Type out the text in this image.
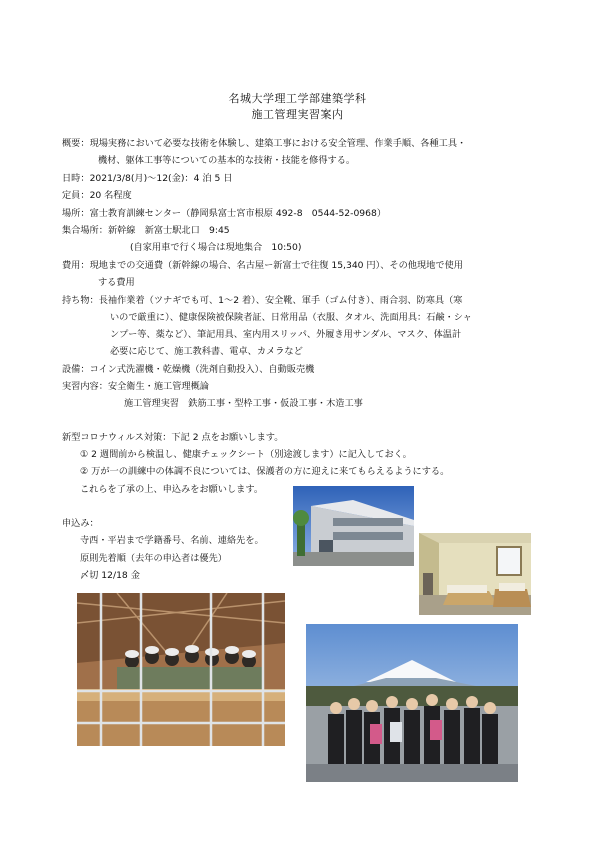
名城大学理工学部建築学科
施工管理実習案内
概要：現場実務において必要な技術を体験し、建築工事における安全管理、作業手順、各種工具・
機材、躯体工事等についての基本的な技術・技能を修得する。
日時：2021/3/8(月)～12(金)：4 泊 5 日
定員：20 名程度
場所：富士教育訓練センター（静岡県富士宮市根原 492-8　0544-52-0968）
集合場所：新幹線　新富士駅北口　9:45
(自家用車で行く場合は現地集合　10:50)
費用：現地までの交通費（新幹線の場合、名古屋ー新富士で往復 15,340 円）、その他現地で使用
する費用
持ち物：長袖作業着（ツナギでも可、1～2 着）、安全靴、軍手（ゴム付き）、雨合羽、防寒具（寒
いので厳重に）、健康保険被保険者証、日常用品（衣服、タオル、洗面用具：石鹸・シャ
ンプー等、薬など）、筆記用具、室内用スリッパ、外履き用サンダル、マスク、体温計
必要に応じて、施工教科書、電卓、カメラなど
設備：コイン式洗濯機・乾燥機（洗剤自動投入）、自動販売機
実習内容：安全衛生・施工管理概論
施工管理実習　鉄筋工事・型枠工事・仮設工事・木造工事
新型コロナウィルス対策：下記 2 点をお願いします。
① 2 週間前から検温し、健康チェックシート（別途渡します）に記入しておく。
② 万が一の訓練中の体調不良については、保護者の方に迎えに来てもらえるようにする。
これらを了承の上、申込みをお願いします。
申込み：
寺西・平岩まで学籍番号、名前、連絡先を。
原則先着順（去年の申込者は優先）
〆切 12/18 金
